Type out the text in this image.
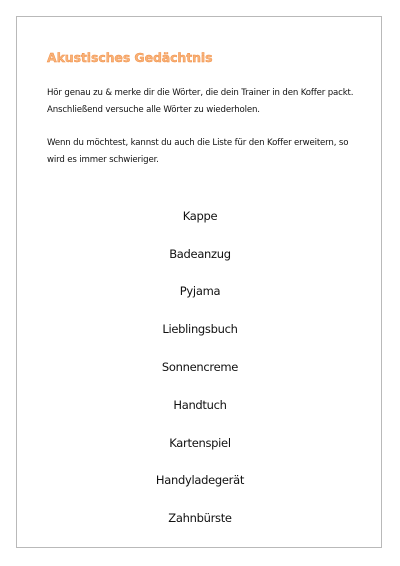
Akustisches Gedächtnis

Hör genau zu & merke dir die Wörter, die dein Trainer in den Koffer packt. Anschließend versuche alle Wörter zu wiederholen.

Wenn du möchtest, kannst du auch die Liste für den Koffer erweitern, so wird es immer schwieriger.

Kappe
Badeanzug
Pyjama
Lieblingsbuch
Sonnencreme
Handtuch
Kartenspiel
Handyladegerät
Zahnbürste
